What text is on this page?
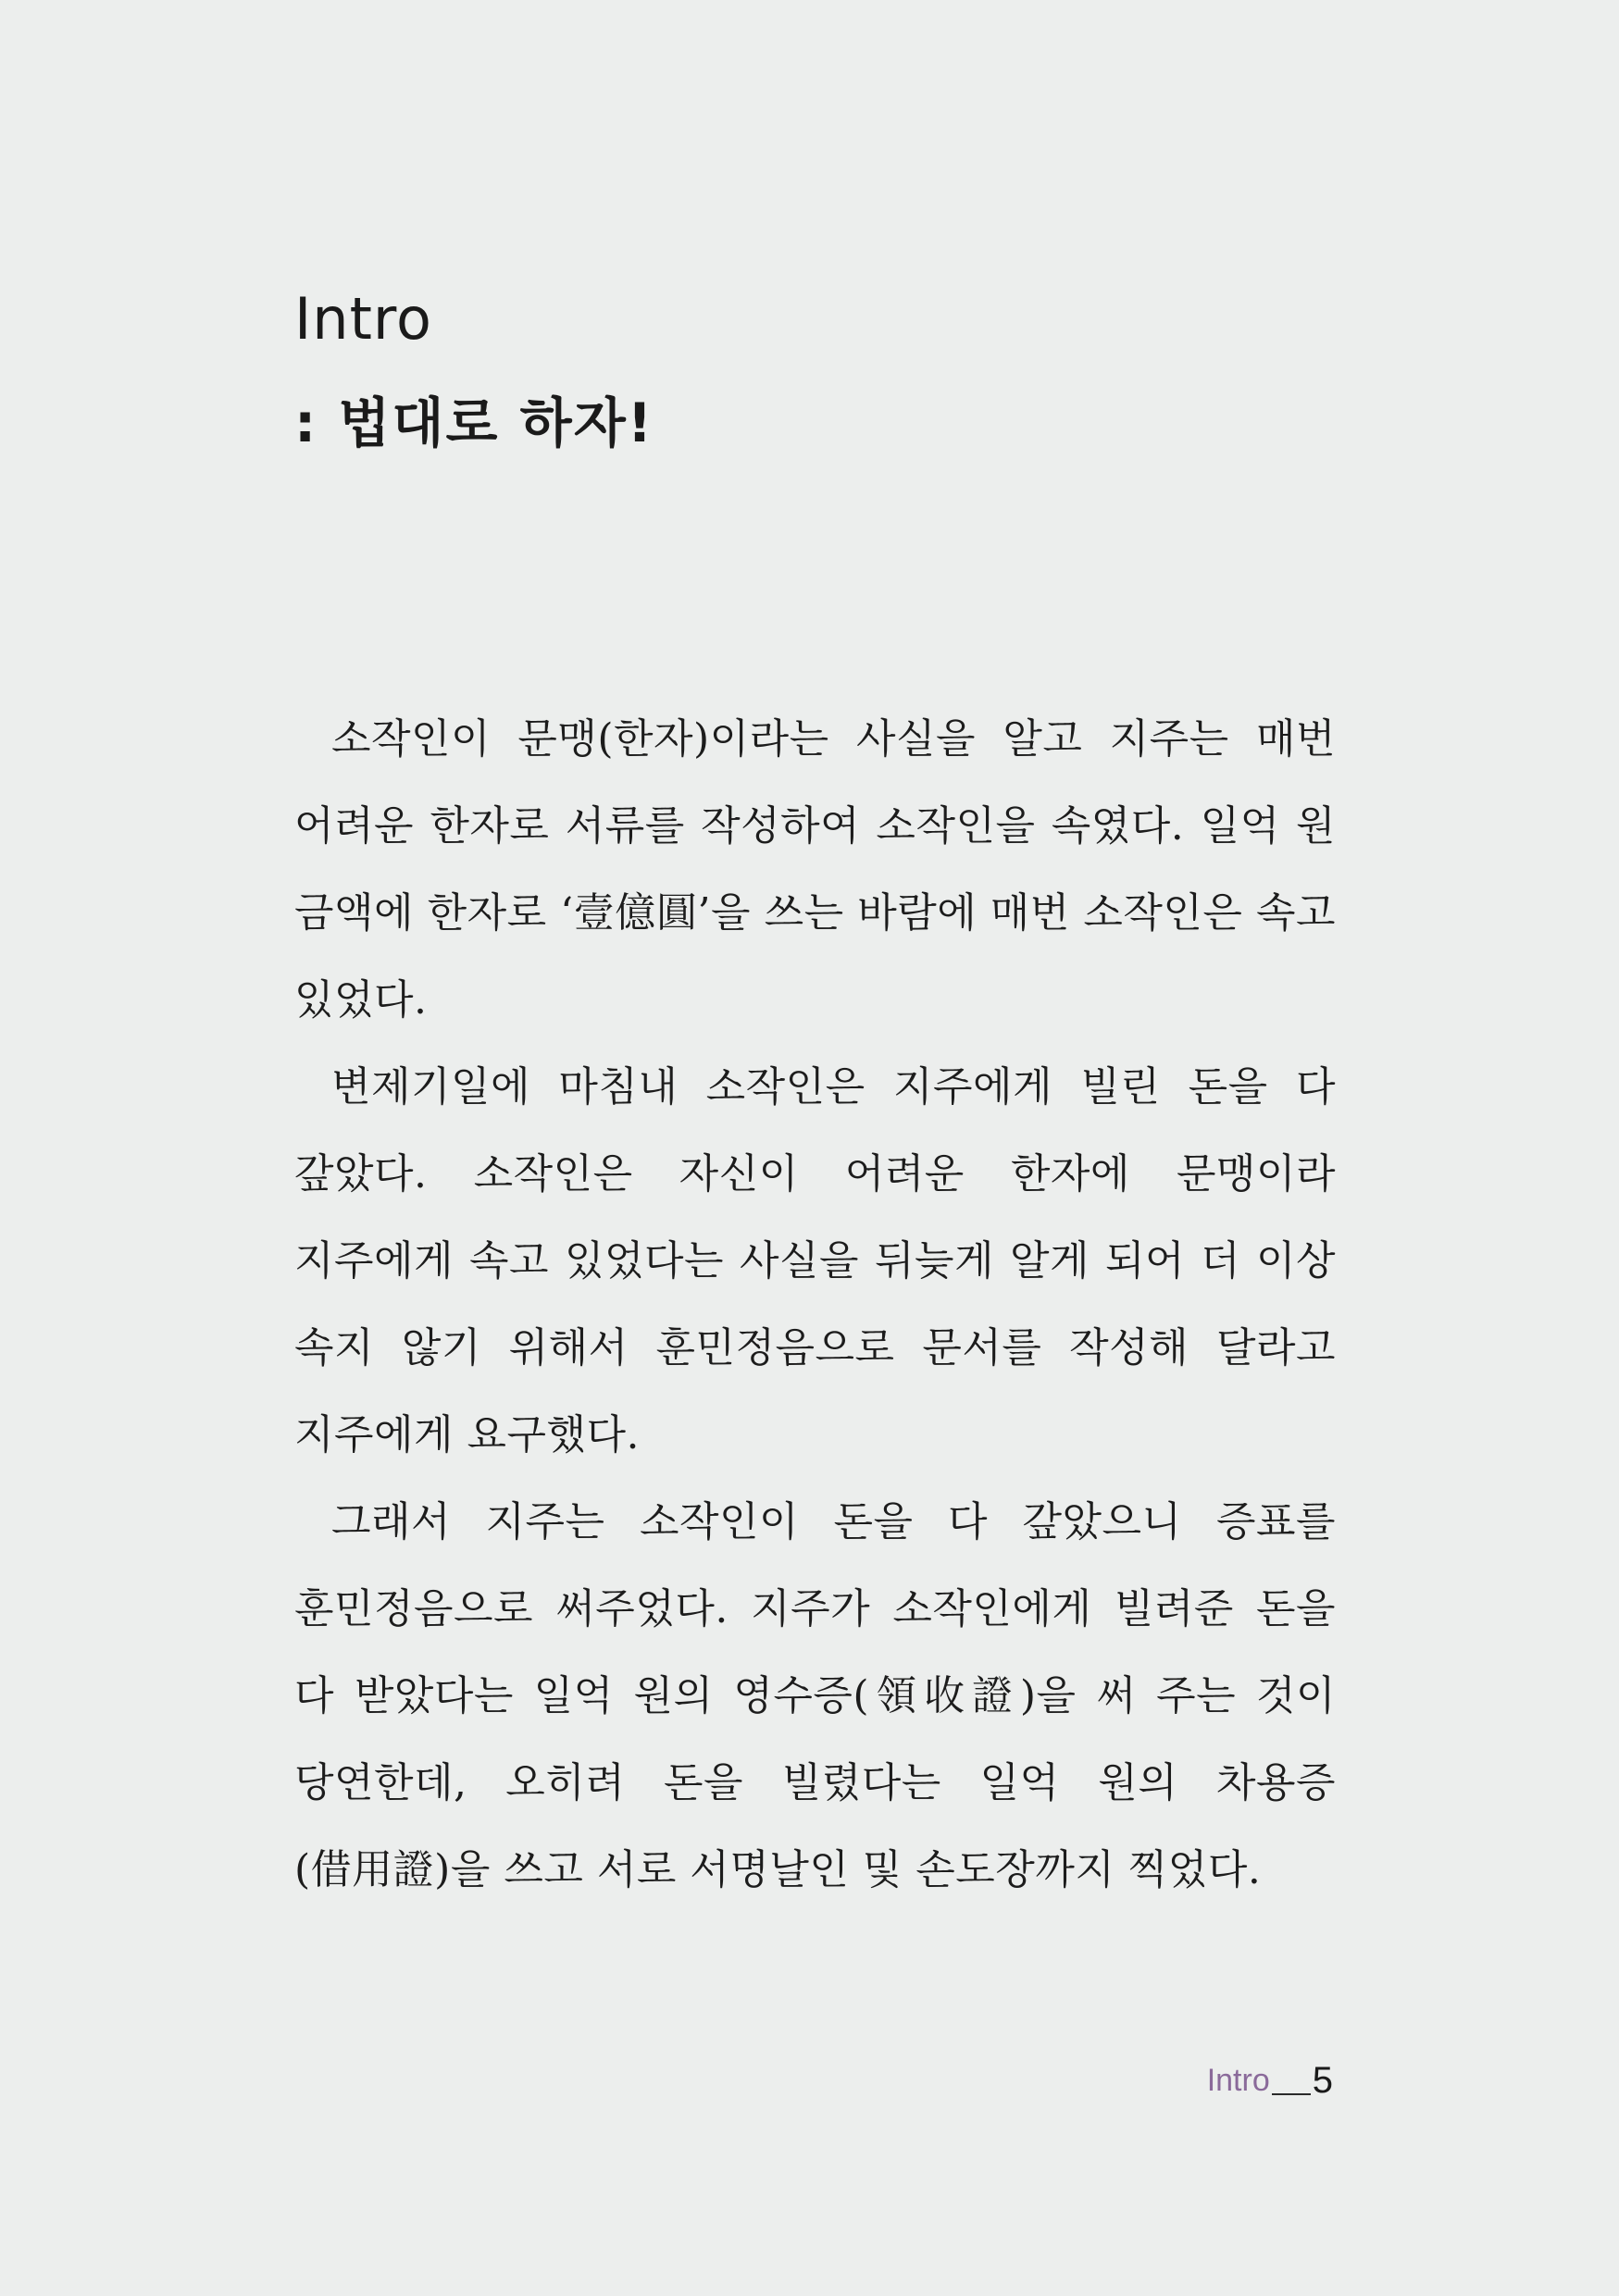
Intro
: 법대로 하자!

소작인이 문맹(한자)이라는 사실을 알고 지주는 매번 어려운 한자로 서류를 작성하여 소작인을 속였다. 일억 원 금액에 한자로 ‘壹億圓’을 쓰는 바람에 매번 소작인은 속고 있었다.

변제기일에 마침내 소작인은 지주에게 빌린 돈을 다 갚았다. 소작인은 자신이 어려운 한자에 문맹이라 지주에게 속고 있었다는 사실을 뒤늦게 알게 되어 더 이상 속지 않기 위해서 훈민정음으로 문서를 작성해 달라고 지주에게 요구했다.

그래서 지주는 소작인이 돈을 다 갚았으니 증표를 훈민정음으로 써주었다. 지주가 소작인에게 빌려준 돈을 다 받았다는 일억 원의 영수증(領收證)을 써 주는 것이 당연한데, 오히려 돈을 빌렸다는 일억 원의 차용증(借用證)을 쓰고 서로 서명날인 및 손도장까지 찍었다.

Intro 5
